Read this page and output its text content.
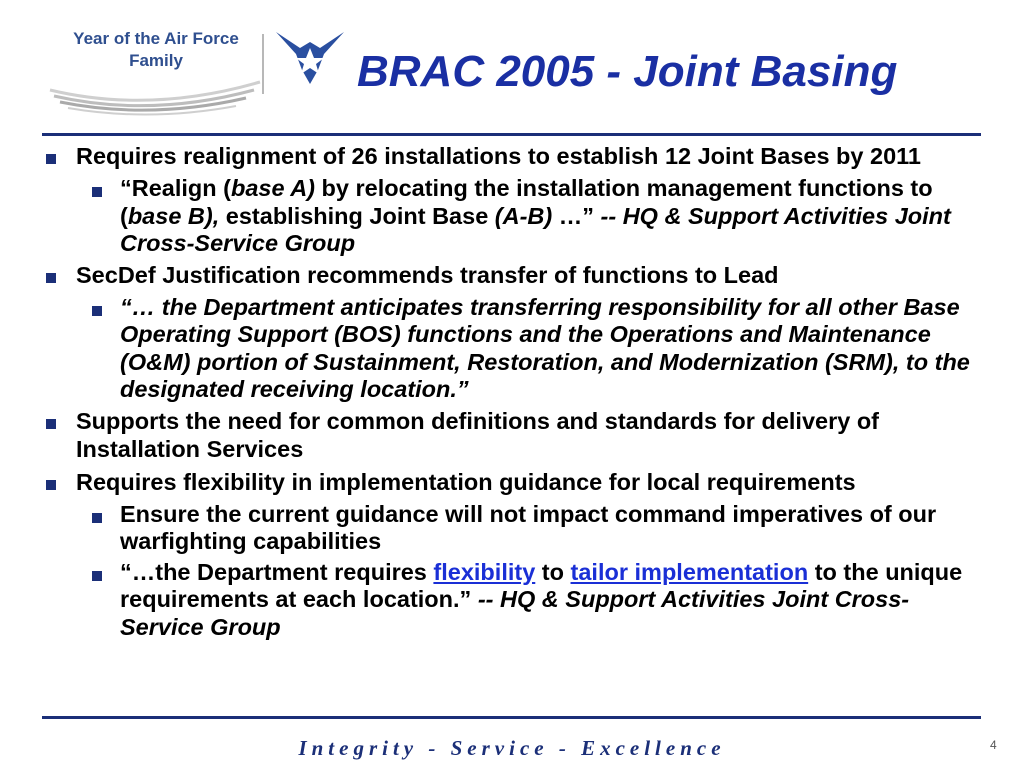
Year of the Air Force
Family	BRAC 2005 - Joint Basing
Requires realignment of 26 installations to establish 12 Joint Bases by 2011
“Realign (base A) by relocating the installation management functions to (base B), establishing Joint Base (A-B) …” -- HQ & Support Activities Joint Cross-Service Group
SecDef Justification recommends transfer of functions to Lead
“… the Department anticipates transferring responsibility for all other Base Operating Support (BOS) functions and the Operations and Maintenance (O&M) portion of Sustainment, Restoration, and Modernization (SRM), to the designated receiving location.”
Supports the need for common definitions and standards for delivery of Installation Services
Requires flexibility in implementation guidance for local requirements
Ensure the current guidance will not impact command imperatives of our warfighting capabilities
“…the Department requires flexibility to tailor implementation to the unique requirements at each location.” -- HQ & Support Activities Joint Cross-Service Group
Integrity - Service - Excellence	4
